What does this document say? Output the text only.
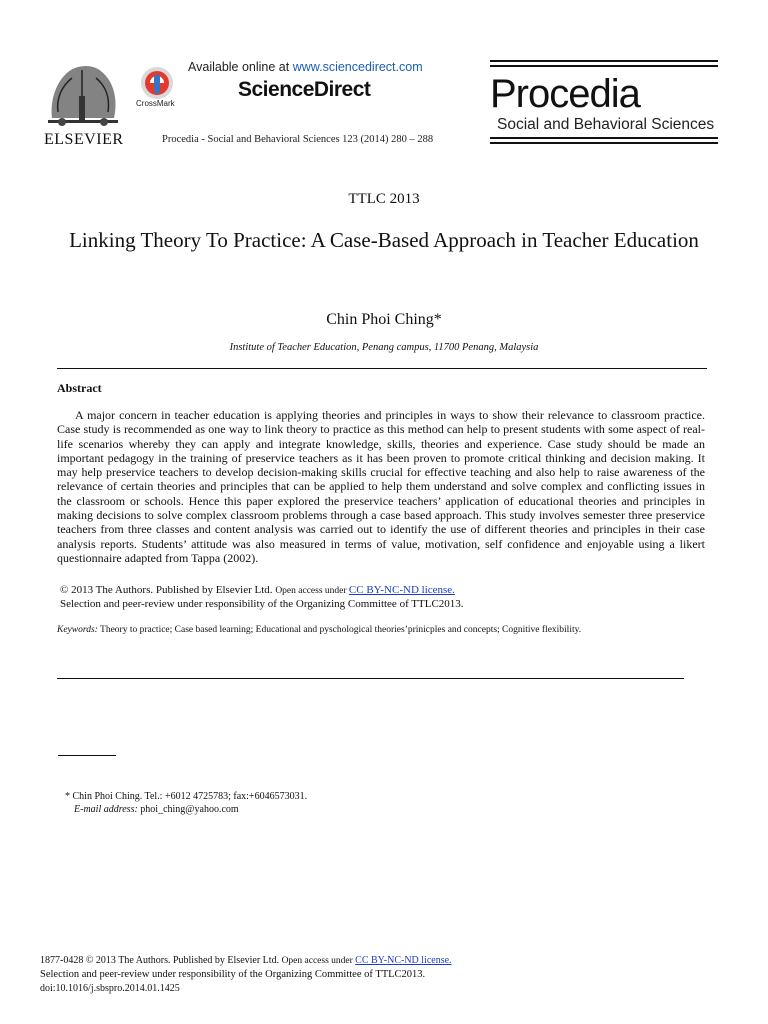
ELSEVIER
CrossMark
Available online at www.sciencedirect.com
ScienceDirect
Procedia - Social and Behavioral Sciences 123 (2014) 280 – 288
Procedia
Social and Behavioral Sciences
TTLC 2013
Linking Theory To Practice: A Case-Based Approach in Teacher Education
Chin Phoi Ching*
Institute of Teacher Education, Penang campus, 11700 Penang, Malaysia
Abstract
A major concern in teacher education is applying theories and principles in ways to show their relevance to classroom practice. Case study is recommended as one way to link theory to practice as this method can help to present students with some aspect of real-life scenarios whereby they can apply and integrate knowledge, skills, theories and experience. Case study should be made an important pedagogy in the training of preservice teachers as it has been proven to promote critical thinking and decision making. It may help preservice teachers to develop decision-making skills crucial for effective teaching and also help to raise awareness of the relevance of certain theories and principles that can be applied to help them understand and solve complex and conflicting issues in the classroom or schools. Hence this paper explored the preservice teachers’ application of educational theories and principles in making decisions to solve complex classroom problems through a case based approach. This study involves semester three preservice teachers from three classes and content analysis was carried out to identify the use of different theories and principles in their case analysis reports. Students’ attitude was also measured in terms of value, motivation, self confidence and enjoyable using a likert questionnaire adapted from Tappa (2002).
© 2013 The Authors. Published by Elsevier Ltd. Open access under CC BY-NC-ND license.
Selection and peer-review under responsibility of the Organizing Committee of TTLC2013.
Keywords: Theory to practice; Case based learning; Educational and pyschological theories’prinicples and concepts; Cognitive flexibility.
* Chin Phoi Ching. Tel.: +6012 4725783; fax:+6046573031.
E-mail address: phoi_ching@yahoo.com
1877-0428 © 2013 The Authors. Published by Elsevier Ltd. Open access under CC BY-NC-ND license.
Selection and peer-review under responsibility of the Organizing Committee of TTLC2013.
doi:10.1016/j.sbspro.2014.01.1425
